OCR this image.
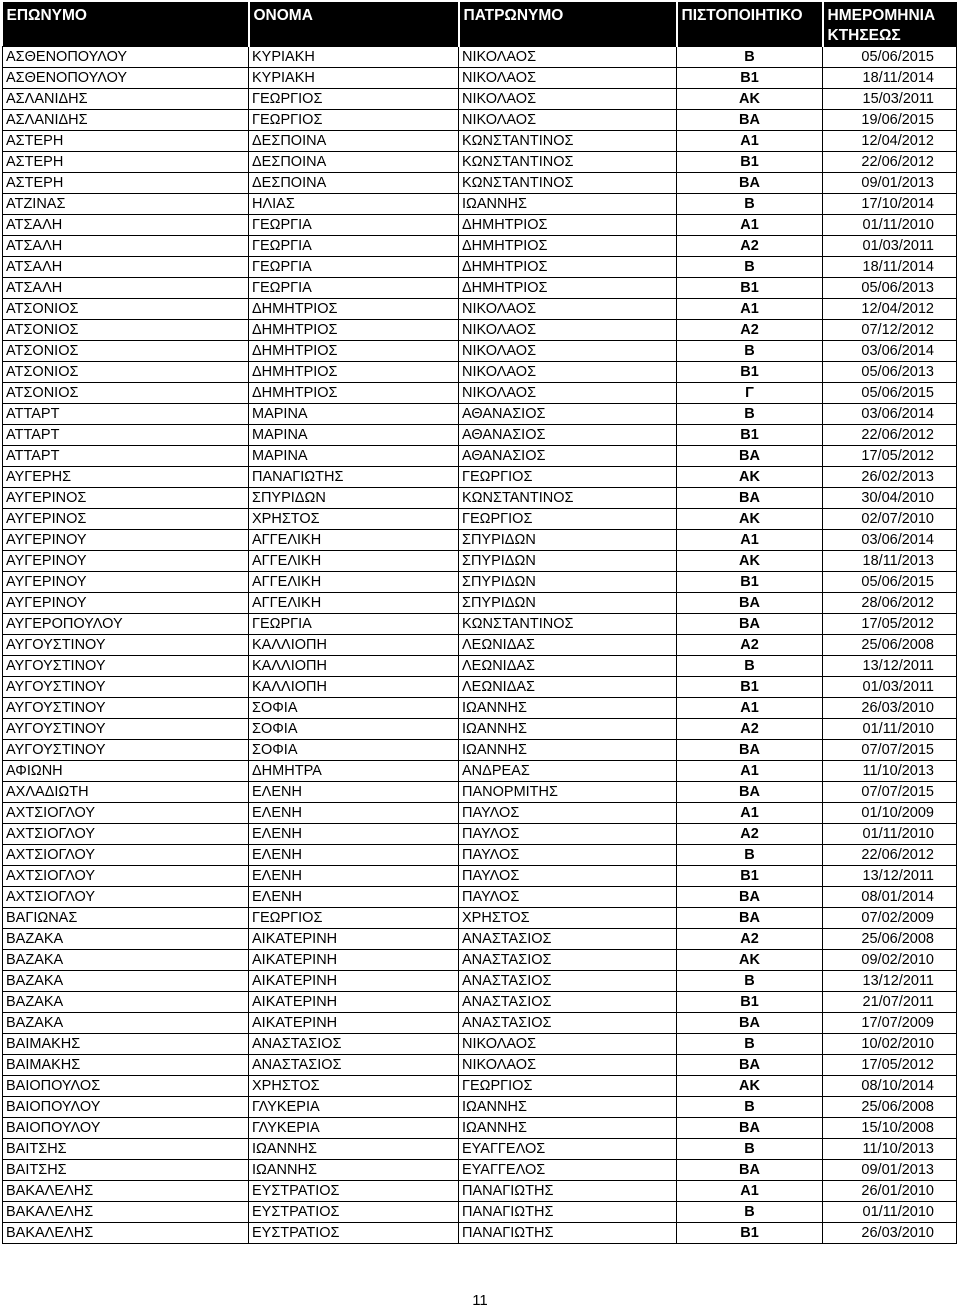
ΕΠΩΝΥΜΟ	ΟΝΟΜΑ	ΠΑΤΡΩΝΥΜΟ	ΠΙΣΤΟΠΟΙΗΤΙΚΟ	ΗΜΕΡΟΜΗΝΙΑ ΚΤΗΣΕΩΣ
ΑΣΘΕΝΟΠΟΥΛΟΥ	ΚΥΡΙΑΚΗ	ΝΙΚΟΛΑΟΣ	Β	05/06/2015
ΑΣΘΕΝΟΠΟΥΛΟΥ	ΚΥΡΙΑΚΗ	ΝΙΚΟΛΑΟΣ	Β1	18/11/2014
ΑΣΛΑΝΙΔΗΣ	ΓΕΩΡΓΙΟΣ	ΝΙΚΟΛΑΟΣ	ΑΚ	15/03/2011
ΑΣΛΑΝΙΔΗΣ	ΓΕΩΡΓΙΟΣ	ΝΙΚΟΛΑΟΣ	ΒΑ	19/06/2015
ΑΣΤΕΡΗ	ΔΕΣΠΟΙΝΑ	ΚΩΝΣΤΑΝΤΙΝΟΣ	Α1	12/04/2012
ΑΣΤΕΡΗ	ΔΕΣΠΟΙΝΑ	ΚΩΝΣΤΑΝΤΙΝΟΣ	Β1	22/06/2012
ΑΣΤΕΡΗ	ΔΕΣΠΟΙΝΑ	ΚΩΝΣΤΑΝΤΙΝΟΣ	ΒΑ	09/01/2013
ΑΤΖΙΝΑΣ	ΗΛΙΑΣ	ΙΩΑΝΝΗΣ	Β	17/10/2014
ΑΤΣΑΛΗ	ΓΕΩΡΓΙΑ	ΔΗΜΗΤΡΙΟΣ	Α1	01/11/2010
ΑΤΣΑΛΗ	ΓΕΩΡΓΙΑ	ΔΗΜΗΤΡΙΟΣ	Α2	01/03/2011
ΑΤΣΑΛΗ	ΓΕΩΡΓΙΑ	ΔΗΜΗΤΡΙΟΣ	Β	18/11/2014
ΑΤΣΑΛΗ	ΓΕΩΡΓΙΑ	ΔΗΜΗΤΡΙΟΣ	Β1	05/06/2013
ΑΤΣΟΝΙΟΣ	ΔΗΜΗΤΡΙΟΣ	ΝΙΚΟΛΑΟΣ	Α1	12/04/2012
ΑΤΣΟΝΙΟΣ	ΔΗΜΗΤΡΙΟΣ	ΝΙΚΟΛΑΟΣ	Α2	07/12/2012
ΑΤΣΟΝΙΟΣ	ΔΗΜΗΤΡΙΟΣ	ΝΙΚΟΛΑΟΣ	Β	03/06/2014
ΑΤΣΟΝΙΟΣ	ΔΗΜΗΤΡΙΟΣ	ΝΙΚΟΛΑΟΣ	Β1	05/06/2013
ΑΤΣΟΝΙΟΣ	ΔΗΜΗΤΡΙΟΣ	ΝΙΚΟΛΑΟΣ	Γ	05/06/2015
ΑΤΤΑΡΤ	ΜΑΡΙΝΑ	ΑΘΑΝΑΣΙΟΣ	Β	03/06/2014
ΑΤΤΑΡΤ	ΜΑΡΙΝΑ	ΑΘΑΝΑΣΙΟΣ	Β1	22/06/2012
ΑΤΤΑΡΤ	ΜΑΡΙΝΑ	ΑΘΑΝΑΣΙΟΣ	ΒΑ	17/05/2012
ΑΥΓΕΡΗΣ	ΠΑΝΑΓΙΩΤΗΣ	ΓΕΩΡΓΙΟΣ	ΑΚ	26/02/2013
ΑΥΓΕΡΙΝΟΣ	ΣΠΥΡΙΔΩΝ	ΚΩΝΣΤΑΝΤΙΝΟΣ	ΒΑ	30/04/2010
ΑΥΓΕΡΙΝΟΣ	ΧΡΗΣΤΟΣ	ΓΕΩΡΓΙΟΣ	ΑΚ	02/07/2010
ΑΥΓΕΡΙΝΟΥ	ΑΓΓΕΛΙΚΗ	ΣΠΥΡΙΔΩΝ	Α1	03/06/2014
ΑΥΓΕΡΙΝΟΥ	ΑΓΓΕΛΙΚΗ	ΣΠΥΡΙΔΩΝ	ΑΚ	18/11/2013
ΑΥΓΕΡΙΝΟΥ	ΑΓΓΕΛΙΚΗ	ΣΠΥΡΙΔΩΝ	Β1	05/06/2015
ΑΥΓΕΡΙΝΟΥ	ΑΓΓΕΛΙΚΗ	ΣΠΥΡΙΔΩΝ	ΒΑ	28/06/2012
ΑΥΓΕΡΟΠΟΥΛΟΥ	ΓΕΩΡΓΙΑ	ΚΩΝΣΤΑΝΤΙΝΟΣ	ΒΑ	17/05/2012
ΑΥΓΟΥΣΤΙΝΟΥ	ΚΑΛΛΙΟΠΗ	ΛΕΩΝΙΔΑΣ	Α2	25/06/2008
ΑΥΓΟΥΣΤΙΝΟΥ	ΚΑΛΛΙΟΠΗ	ΛΕΩΝΙΔΑΣ	Β	13/12/2011
ΑΥΓΟΥΣΤΙΝΟΥ	ΚΑΛΛΙΟΠΗ	ΛΕΩΝΙΔΑΣ	Β1	01/03/2011
ΑΥΓΟΥΣΤΙΝΟΥ	ΣΟΦΙΑ	ΙΩΑΝΝΗΣ	Α1	26/03/2010
ΑΥΓΟΥΣΤΙΝΟΥ	ΣΟΦΙΑ	ΙΩΑΝΝΗΣ	Α2	01/11/2010
ΑΥΓΟΥΣΤΙΝΟΥ	ΣΟΦΙΑ	ΙΩΑΝΝΗΣ	ΒΑ	07/07/2015
ΑΦΙΩΝΗ	ΔΗΜΗΤΡΑ	ΑΝΔΡΕΑΣ	Α1	11/10/2013
ΑΧΛΑΔΙΩΤΗ	ΕΛΕΝΗ	ΠΑΝΟΡΜΙΤΗΣ	ΒΑ	07/07/2015
ΑΧΤΣΙΟΓΛΟΥ	ΕΛΕΝΗ	ΠΑΥΛΟΣ	Α1	01/10/2009
ΑΧΤΣΙΟΓΛΟΥ	ΕΛΕΝΗ	ΠΑΥΛΟΣ	Α2	01/11/2010
ΑΧΤΣΙΟΓΛΟΥ	ΕΛΕΝΗ	ΠΑΥΛΟΣ	Β	22/06/2012
ΑΧΤΣΙΟΓΛΟΥ	ΕΛΕΝΗ	ΠΑΥΛΟΣ	Β1	13/12/2011
ΑΧΤΣΙΟΓΛΟΥ	ΕΛΕΝΗ	ΠΑΥΛΟΣ	ΒΑ	08/01/2014
ΒΑΓΙΩΝΑΣ	ΓΕΩΡΓΙΟΣ	ΧΡΗΣΤΟΣ	ΒΑ	07/02/2009
ΒΑΖΑΚΑ	ΑΙΚΑΤΕΡΙΝΗ	ΑΝΑΣΤΑΣΙΟΣ	Α2	25/06/2008
ΒΑΖΑΚΑ	ΑΙΚΑΤΕΡΙΝΗ	ΑΝΑΣΤΑΣΙΟΣ	ΑΚ	09/02/2010
ΒΑΖΑΚΑ	ΑΙΚΑΤΕΡΙΝΗ	ΑΝΑΣΤΑΣΙΟΣ	Β	13/12/2011
ΒΑΖΑΚΑ	ΑΙΚΑΤΕΡΙΝΗ	ΑΝΑΣΤΑΣΙΟΣ	Β1	21/07/2011
ΒΑΖΑΚΑ	ΑΙΚΑΤΕΡΙΝΗ	ΑΝΑΣΤΑΣΙΟΣ	ΒΑ	17/07/2009
ΒΑΙΜΑΚΗΣ	ΑΝΑΣΤΑΣΙΟΣ	ΝΙΚΟΛΑΟΣ	Β	10/02/2010
ΒΑΙΜΑΚΗΣ	ΑΝΑΣΤΑΣΙΟΣ	ΝΙΚΟΛΑΟΣ	ΒΑ	17/05/2012
ΒΑΙΟΠΟΥΛΟΣ	ΧΡΗΣΤΟΣ	ΓΕΩΡΓΙΟΣ	ΑΚ	08/10/2014
ΒΑΙΟΠΟΥΛΟΥ	ΓΛΥΚΕΡΙΑ	ΙΩΑΝΝΗΣ	Β	25/06/2008
ΒΑΙΟΠΟΥΛΟΥ	ΓΛΥΚΕΡΙΑ	ΙΩΑΝΝΗΣ	ΒΑ	15/10/2008
ΒΑΙΤΣΗΣ	ΙΩΑΝΝΗΣ	ΕΥΑΓΓΕΛΟΣ	Β	11/10/2013
ΒΑΙΤΣΗΣ	ΙΩΑΝΝΗΣ	ΕΥΑΓΓΕΛΟΣ	ΒΑ	09/01/2013
ΒΑΚΑΛΕΛΗΣ	ΕΥΣΤΡΑΤΙΟΣ	ΠΑΝΑΓΙΩΤΗΣ	Α1	26/01/2010
ΒΑΚΑΛΕΛΗΣ	ΕΥΣΤΡΑΤΙΟΣ	ΠΑΝΑΓΙΩΤΗΣ	Β	01/11/2010
ΒΑΚΑΛΕΛΗΣ	ΕΥΣΤΡΑΤΙΟΣ	ΠΑΝΑΓΙΩΤΗΣ	Β1	26/03/2010
11
